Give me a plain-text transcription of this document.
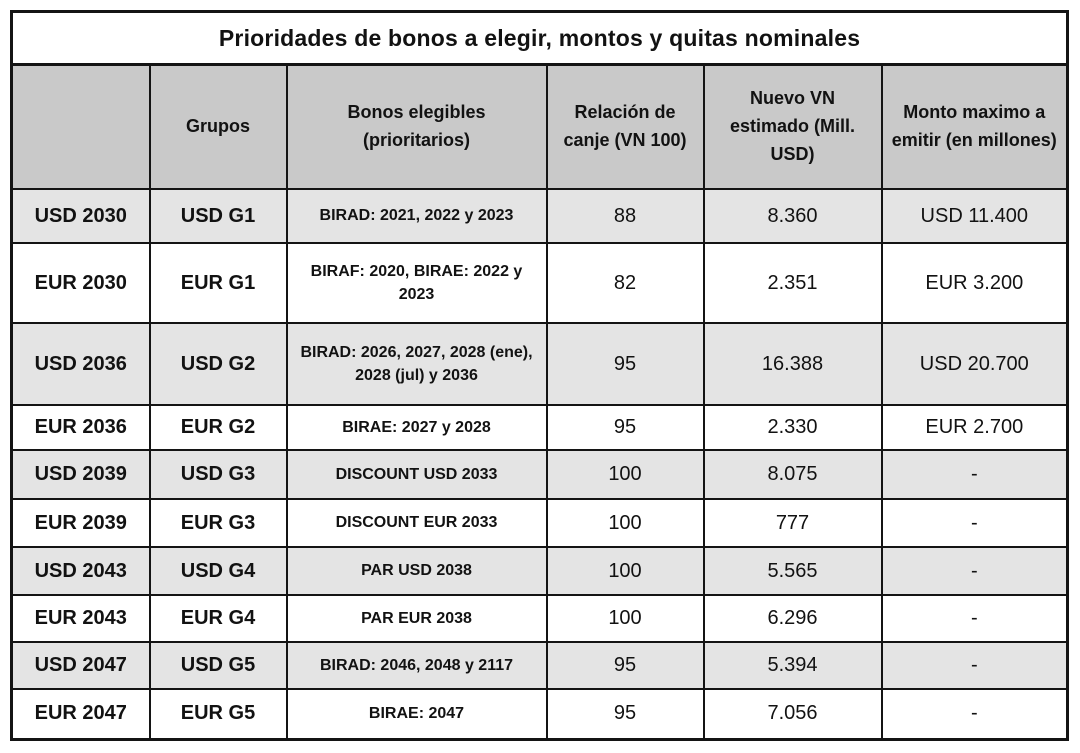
Prioridades de bonos a elegir, montos y quitas nominales					
	Grupos	Bonos elegibles (prioritarios)	Relación de canje (VN 100)	Nuevo VN estimado (Mill. USD)	Monto maximo a emitir (en millones)
USD 2030	USD G1	BIRAD: 2021, 2022 y 2023	88	8.360	USD 11.400
EUR 2030	EUR G1	BIRAF: 2020, BIRAE: 2022 y 2023	82	2.351	EUR 3.200
USD 2036	USD G2	BIRAD: 2026, 2027, 2028 (ene), 2028 (jul) y 2036	95	16.388	USD 20.700
EUR 2036	EUR G2	BIRAE: 2027 y 2028	95	2.330	EUR 2.700
USD 2039	USD G3	DISCOUNT USD 2033	100	8.075	-
EUR 2039	EUR G3	DISCOUNT EUR 2033	100	777	-
USD 2043	USD G4	PAR USD 2038	100	5.565	-
EUR 2043	EUR G4	PAR EUR 2038	100	6.296	-
USD 2047	USD G5	BIRAD: 2046, 2048 y 2117	95	5.394	-
EUR 2047	EUR G5	BIRAE: 2047	95	7.056	-
